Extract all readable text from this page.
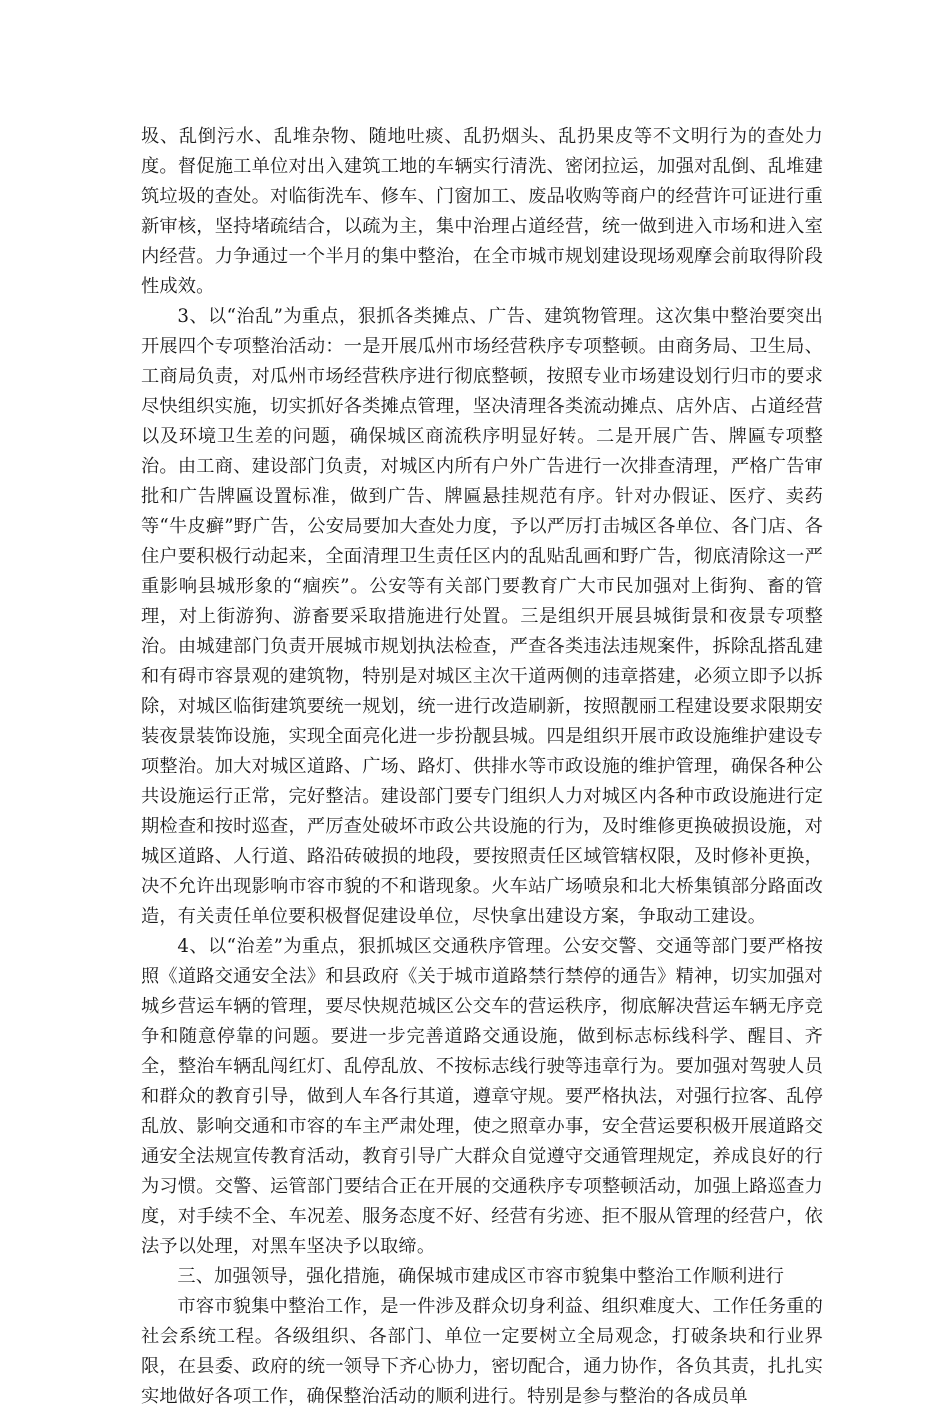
圾、乱倒污水、乱堆杂物、随地吐痰、乱扔烟头、乱扔果皮等不文明行为的查处力度。督促施工单位对出入建筑工地的车辆实行清洗、密闭拉运，加强对乱倒、乱堆建筑垃圾的查处。对临街洗车、修车、门窗加工、废品收购等商户的经营许可证进行重新审核，坚持堵疏结合，以疏为主，集中治理占道经营，统一做到进入市场和进入室内经营。力争通过一个半月的集中整治，在全市城市规划建设现场观摩会前取得阶段性成效。

3、以“治乱”为重点，狠抓各类摊点、广告、建筑物管理。这次集中整治要突出开展四个专项整治活动：一是开展瓜州市场经营秩序专项整顿。由商务局、卫生局、工商局负责，对瓜州市场经营秩序进行彻底整顿，按照专业市场建设划行归市的要求尽快组织实施，切实抓好各类摊点管理，坚决清理各类流动摊点、店外店、占道经营以及环境卫生差的问题，确保城区商流秩序明显好转。二是开展广告、牌匾专项整治。由工商、建设部门负责，对城区内所有户外广告进行一次排查清理，严格广告审批和广告牌匾设置标准，做到广告、牌匾悬挂规范有序。针对办假证、医疗、卖药等“牛皮癣”野广告，公安局要加大查处力度，予以严厉打击城区各单位、各门店、各住户要积极行动起来，全面清理卫生责任区内的乱贴乱画和野广告，彻底清除这一严重影响县城形象的“痼疾”。公安等有关部门要教育广大市民加强对上街狗、畜的管理，对上街游狗、游畜要采取措施进行处置。三是组织开展县城街景和夜景专项整治。由城建部门负责开展城市规划执法检查，严查各类违法违规案件，拆除乱搭乱建和有碍市容景观的建筑物，特别是对城区主次干道两侧的违章搭建，必须立即予以拆除，对城区临街建筑要统一规划，统一进行改造刷新，按照靓丽工程建设要求限期安装夜景装饰设施，实现全面亮化进一步扮靓县城。四是组织开展市政设施维护建设专项整治。加大对城区道路、广场、路灯、供排水等市政设施的维护管理，确保各种公共设施运行正常，完好整洁。建设部门要专门组织人力对城区内各种市政设施进行定期检查和按时巡查，严厉查处破坏市政公共设施的行为，及时维修更换破损设施，对城区道路、人行道、路沿砖破损的地段，要按照责任区域管辖权限，及时修补更换，决不允许出现影响市容市貌的不和谐现象。火车站广场喷泉和北大桥集镇部分路面改造，有关责任单位要积极督促建设单位，尽快拿出建设方案，争取动工建设。

4、以“治差”为重点，狠抓城区交通秩序管理。公安交警、交通等部门要严格按照《道路交通安全法》和县政府《关于城市道路禁行禁停的通告》精神，切实加强对城乡营运车辆的管理，要尽快规范城区公交车的营运秩序，彻底解决营运车辆无序竞争和随意停靠的问题。要进一步完善道路交通设施，做到标志标线科学、醒目、齐全，整治车辆乱闯红灯、乱停乱放、不按标志线行驶等违章行为。要加强对驾驶人员和群众的教育引导，做到人车各行其道，遵章守规。要严格执法，对强行拉客、乱停乱放、影响交通和市容的车主严肃处理，使之照章办事，安全营运要积极开展道路交通安全法规宣传教育活动，教育引导广大群众自觉遵守交通管理规定，养成良好的行为习惯。交警、运管部门要结合正在开展的交通秩序专项整顿活动，加强上路巡查力度，对手续不全、车况差、服务态度不好、经营有劣迹、拒不服从管理的经营户，依法予以处理，对黑车坚决予以取缔。

三、加强领导，强化措施，确保城市建成区市容市貌集中整治工作顺利进行

市容市貌集中整治工作，是一件涉及群众切身利益、组织难度大、工作任务重的社会系统工程。各级组织、各部门、单位一定要树立全局观念，打破条块和行业界限，在县委、政府的统一领导下齐心协力，密切配合，通力协作，各负其责，扎扎实实地做好各项工作，确保整治活动的顺利进行。特别是参与整治的各成员单
